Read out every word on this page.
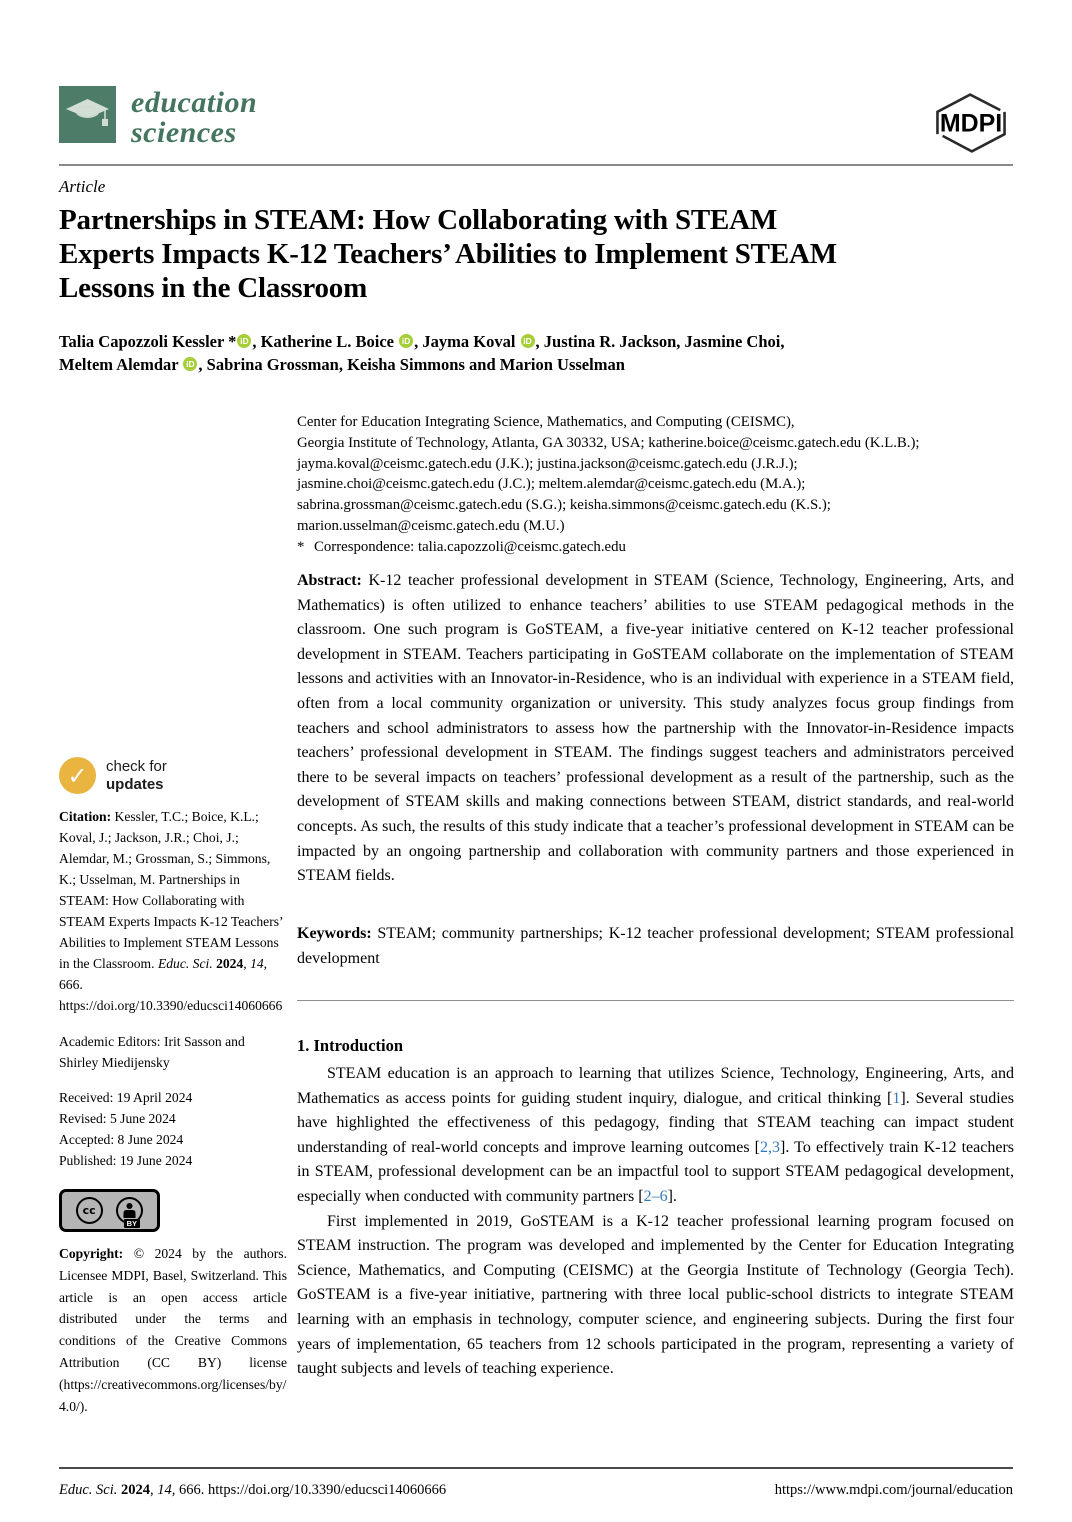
education
sciences	MDPI
Article
Partnerships in STEAM: How Collaborating with STEAM
Experts Impacts K-12 Teachers’ Abilities to Implement STEAM
Lessons in the Classroom
Talia Capozzoli Kessler * iD , Katherine L. Boice iD , Jayma Koval iD , Justina R. Jackson, Jasmine Choi,
Meltem Alemdar iD , Sabrina Grossman, Keisha Simmons and Marion Usselman
Center for Education Integrating Science, Mathematics, and Computing (CEISMC),
Georgia Institute of Technology, Atlanta, GA 30332, USA; katherine.boice@ceismc.gatech.edu (K.L.B.);
jayma.koval@ceismc.gatech.edu (J.K.); justina.jackson@ceismc.gatech.edu (J.R.J.);
jasmine.choi@ceismc.gatech.edu (J.C.); meltem.alemdar@ceismc.gatech.edu (M.A.);
sabrina.grossman@ceismc.gatech.edu (S.G.); keisha.simmons@ceismc.gatech.edu (K.S.);
marion.usselman@ceismc.gatech.edu (M.U.)
* Correspondence: talia.capozzoli@ceismc.gatech.edu
Abstract: K-12 teacher professional development in STEAM (Science, Technology, Engineering, Arts, and Mathematics) is often utilized to enhance teachers’ abilities to use STEAM pedagogical methods in the classroom. One such program is GoSTEAM, a five-year initiative centered on K-12 teacher professional development in STEAM. Teachers participating in GoSTEAM collaborate on the implementation of STEAM lessons and activities with an Innovator-in-Residence, who is an individual with experience in a STEAM field, often from a local community organization or university. This study analyzes focus group findings from teachers and school administrators to assess how the partnership with the Innovator-in-Residence impacts teachers’ professional development in STEAM. The findings suggest teachers and administrators perceived there to be several impacts on teachers’ professional development as a result of the partnership, such as the development of STEAM skills and making connections between STEAM, district standards, and real-world concepts. As such, the results of this study indicate that a teacher’s professional development in STEAM can be impacted by an ongoing partnership and collaboration with community partners and those experienced in STEAM fields.
Keywords: STEAM; community partnerships; K-12 teacher professional development; STEAM professional development
✓	check for
updates
Citation: Kessler, T.C.; Boice, K.L.; Koval, J.; Jackson, J.R.; Choi, J.; Alemdar, M.; Grossman, S.; Simmons, K.; Usselman, M. Partnerships in STEAM: How Collaborating with STEAM Experts Impacts K-12 Teachers’ Abilities to Implement STEAM Lessons in the Classroom. Educ. Sci. 2024, 14, 666. https://doi.org/10.3390/educsci14060666
Academic Editors: Irit Sasson and Shirley Miedijensky
Received: 19 April 2024
Revised: 5 June 2024
Accepted: 8 June 2024
Published: 19 June 2024
cc
BY
Copyright: © 2024 by the authors. Licensee MDPI, Basel, Switzerland. This article is an open access article distributed under the terms and conditions of the Creative Commons Attribution (CC BY) license (https://creativecommons.org/licenses/by/4.0/).
1. Introduction

STEAM education is an approach to learning that utilizes Science, Technology, Engineering, Arts, and Mathematics as access points for guiding student inquiry, dialogue, and critical thinking [1]. Several studies have highlighted the effectiveness of this pedagogy, finding that STEAM teaching can impact student understanding of real-world concepts and improve learning outcomes [2,3]. To effectively train K-12 teachers in STEAM, professional development can be an impactful tool to support STEAM pedagogical development, especially when conducted with community partners [2–6].

First implemented in 2019, GoSTEAM is a K-12 teacher professional learning program focused on STEAM instruction. The program was developed and implemented by the Center for Education Integrating Science, Mathematics, and Computing (CEISMC) at the Georgia Institute of Technology (Georgia Tech). GoSTEAM is a five-year initiative, partnering with three local public-school districts to integrate STEAM learning with an emphasis in technology, computer science, and engineering subjects. During the first four years of implementation, 65 teachers from 12 schools participated in the program, representing a variety of taught subjects and levels of teaching experience.

Educ. Sci. 2024, 14, 666. https://doi.org/10.3390/educsci14060666	https://www.mdpi.com/journal/education
